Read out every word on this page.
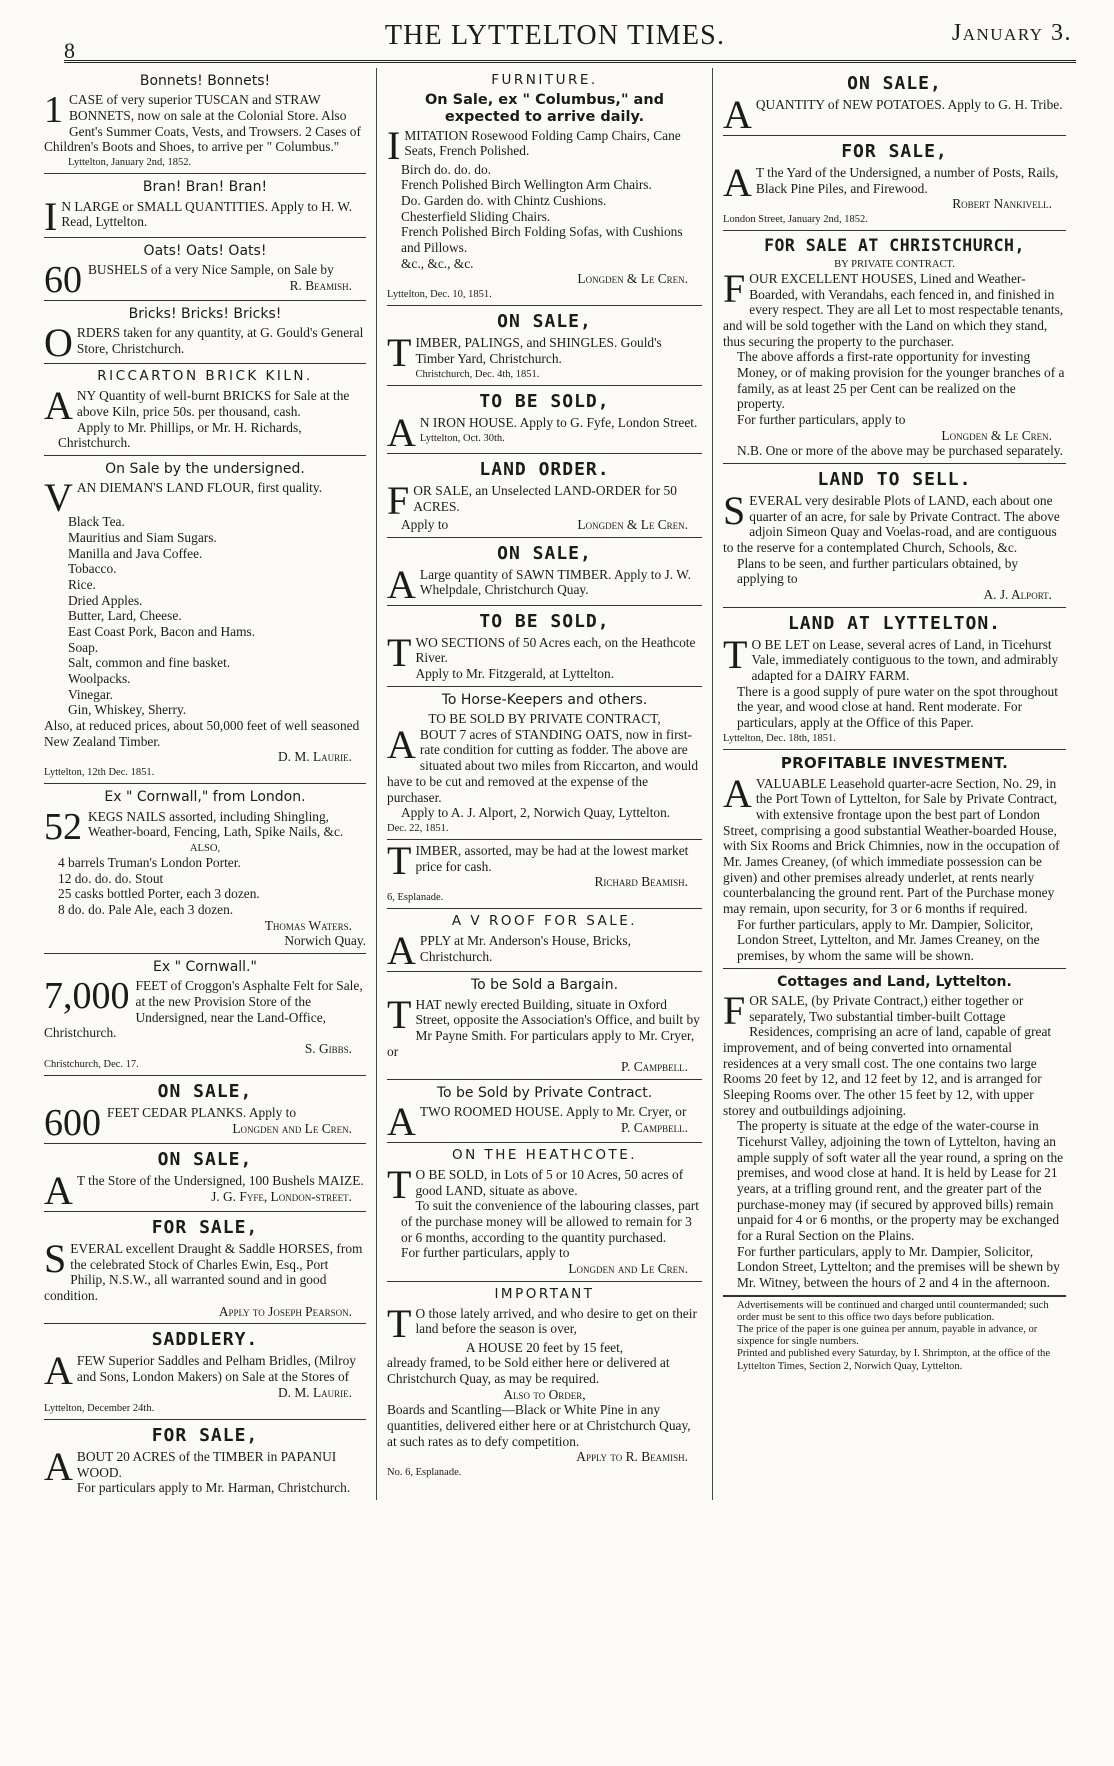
8	THE LYTTELTON TIMES.	January 3.
Bonnets! Bonnets!
1 CASE of very superior TUSCAN and STRAW BONNETS, now on sale at the Colonial Store. Also Gent's Summer Coats, Vests, and Trowsers. 2 Cases of Children's Boots and Shoes, to arrive per " Columbus."

Lyttelton, January 2nd, 1852.

Bran! Bran! Bran!
I N LARGE or SMALL QUANTITIES. Apply to H. W. Read, Lyttelton.

Oats! Oats! Oats!
60 BUSHELS of a very Nice Sample, on Sale by

R. Beamish.

Bricks! Bricks! Bricks!
O RDERS taken for any quantity, at G. Gould's General Store, Christchurch.

RICCARTON BRICK KILN.
A NY Quantity of well-burnt BRICKS for Sale at the above Kiln, price 50s. per thousand, cash.

Apply to Mr. Phillips, or Mr. H. Richards, Christchurch.

On Sale by the undersigned.
V AN DIEMAN'S LAND FLOUR, first quality.

Black Tea.

Mauritius and Siam Sugars.

Manilla and Java Coffee.

Tobacco.

Rice.

Dried Apples.

Butter, Lard, Cheese.

East Coast Pork, Bacon and Hams.

Soap.

Salt, common and fine basket.

Woolpacks.

Vinegar.

Gin, Whiskey, Sherry.

Also, at reduced prices, about 50,000 feet of well seasoned New Zealand Timber.

D. M. Laurie.

Lyttelton, 12th Dec. 1851.

Ex " Cornwall," from London.
52 KEGS NAILS assorted, including Shingling, Weather-board, Fencing, Lath, Spike Nails, &c.

ALSO,

4 barrels Truman's London Porter.

12 do. do. do. Stout

25 casks bottled Porter, each 3 dozen.

8 do. do. Pale Ale, each 3 dozen.

Thomas Waters.

Norwich Quay.

Ex " Cornwall."
7,000 FEET of Croggon's Asphalte Felt for Sale, at the new Provision Store of the Undersigned, near the Land-Office, Christchurch.

S. Gibbs.

Christchurch, Dec. 17.

ON SALE,
600 FEET CEDAR PLANKS. Apply to

Longden and Le Cren.

ON SALE,
A T the Store of the Undersigned, 100 Bushels MAIZE.

J. G. Fyfe, London-street.

FOR SALE,
S EVERAL excellent Draught & Saddle HORSES, from the celebrated Stock of Charles Ewin, Esq., Port Philip, N.S.W., all warranted sound and in good condition.

Apply to Joseph Pearson.

SADDLERY.
A FEW Superior Saddles and Pelham Bridles, (Milroy and Sons, London Makers) on Sale at the Stores of

D. M. Laurie.

Lyttelton, December 24th.

FOR SALE,
A BOUT 20 ACRES of the TIMBER in PAPANUI WOOD.

For particulars apply to Mr. Harman, Christchurch.

FURNITURE.
On Sale, ex " Columbus," and expected to arrive daily.
I MITATION Rosewood Folding Camp Chairs, Cane Seats, French Polished.

Birch do. do. do.

French Polished Birch Wellington Arm Chairs.

Do. Garden do. with Chintz Cushions.

Chesterfield Sliding Chairs.

French Polished Birch Folding Sofas, with Cushions and Pillows.

&c., &c., &c.

Longden & Le Cren.

Lyttelton, Dec. 10, 1851.

ON SALE,
T IMBER, PALINGS, and SHINGLES. Gould's Timber Yard, Christchurch.

Christchurch, Dec. 4th, 1851.

TO BE SOLD,
A N IRON HOUSE. Apply to G. Fyfe, London Street.

Lyttelton, Oct. 30th.

LAND ORDER.
F OR SALE, an Unselected LAND-ORDER for 50 ACRES.

Apply to	Longden & Le Cren.

ON SALE,
A Large quantity of SAWN TIMBER. Apply to J. W. Whelpdale, Christchurch Quay.

TO BE SOLD,
T WO SECTIONS of 50 Acres each, on the Heathcote River.

Apply to Mr. Fitzgerald, at Lyttelton.

To Horse-Keepers and others.

TO BE SOLD BY PRIVATE CONTRACT,

A BOUT 7 acres of STANDING OATS, now in first-rate condition for cutting as fodder. The above are situated about two miles from Riccarton, and would have to be cut and removed at the expense of the purchaser.

Apply to A. J. Alport, 2, Norwich Quay, Lyttelton.

Dec. 22, 1851.

T IMBER, assorted, may be had at the lowest market price for cash.

Richard Beamish.

6, Esplanade.

A V ROOF FOR SALE.
A PPLY at Mr. Anderson's House, Bricks, Christchurch.

To be Sold a Bargain.
T HAT newly erected Building, situate in Oxford Street, opposite the Association's Office, and built by Mr Payne Smith. For particulars apply to Mr. Cryer, or

P. Campbell.

To be Sold by Private Contract.
A TWO ROOMED HOUSE. Apply to Mr. Cryer, or

P. Campbell.

ON THE HEATHCOTE.
T O BE SOLD, in Lots of 5 or 10 Acres, 50 acres of good LAND, situate as above.

To suit the convenience of the labouring classes, part of the purchase money will be allowed to remain for 3 or 6 months, according to the quantity purchased.

For further particulars, apply to

Longden and Le Cren.

IMPORTANT
T O those lately arrived, and who desire to get on their land before the season is over,

A HOUSE 20 feet by 15 feet,

already framed, to be Sold either here or delivered at Christchurch Quay, as may be required.

Also to Order,

Boards and Scantling—Black or White Pine in any quantities, delivered either here or at Christchurch Quay, at such rates as to defy competition.

Apply to R. Beamish.

No. 6, Esplanade.

ON SALE,
A QUANTITY of NEW POTATOES. Apply to G. H. Tribe.

FOR SALE,
A T the Yard of the Undersigned, a number of Posts, Rails, Black Pine Piles, and Firewood.

Robert Nankivell.

London Street, January 2nd, 1852.

FOR SALE AT CHRISTCHURCH,

BY PRIVATE CONTRACT.

F OUR EXCELLENT HOUSES, Lined and Weather-Boarded, with Verandahs, each fenced in, and finished in every respect. They are all Let to most respectable tenants, and will be sold together with the Land on which they stand, thus securing the property to the purchaser.

The above affords a first-rate opportunity for investing Money, or of making provision for the younger branches of a family, as at least 25 per Cent can be realized on the property.

For further particulars, apply to

Longden & Le Cren.

N.B. One or more of the above may be purchased separately.

LAND TO SELL.
S EVERAL very desirable Plots of LAND, each about one quarter of an acre, for sale by Private Contract. The above adjoin Simeon Quay and Voelas-road, and are contiguous to the reserve for a contemplated Church, Schools, &c.

Plans to be seen, and further particulars obtained, by applying to

A. J. Alport.

LAND AT LYTTELTON.
T O BE LET on Lease, several acres of Land, in Ticehurst Vale, immediately contiguous to the town, and admirably adapted for a DAIRY FARM.

There is a good supply of pure water on the spot throughout the year, and wood close at hand. Rent moderate. For particulars, apply at the Office of this Paper.

Lyttelton, Dec. 18th, 1851.

PROFITABLE INVESTMENT.
A VALUABLE Leasehold quarter-acre Section, No. 29, in the Port Town of Lyttelton, for Sale by Private Contract, with extensive frontage upon the best part of London Street, comprising a good substantial Weather-boarded House, with Six Rooms and Brick Chimnies, now in the occupation of Mr. James Creaney, (of which immediate possession can be given) and other premises already underlet, at rents nearly counterbalancing the ground rent. Part of the Purchase money may remain, upon security, for 3 or 6 months if required.

For further particulars, apply to Mr. Dampier, Solicitor, London Street, Lyttelton, and Mr. James Creaney, on the premises, by whom the same will be shown.

Cottages and Land, Lyttelton.
F OR SALE, (by Private Contract,) either together or separately, Two substantial timber-built Cottage Residences, comprising an acre of land, capable of great improvement, and of being converted into ornamental residences at a very small cost. The one contains two large Rooms 20 feet by 12, and 12 feet by 12, and is arranged for Sleeping Rooms over. The other 15 feet by 12, with upper storey and outbuildings adjoining.

The property is situate at the edge of the water-course in Ticehurst Valley, adjoining the town of Lyttelton, having an ample supply of soft water all the year round, a spring on the premises, and wood close at hand. It is held by Lease for 21 years, at a trifling ground rent, and the greater part of the purchase-money may (if secured by approved bills) remain unpaid for 4 or 6 months, or the property may be exchanged for a Rural Section on the Plains.

For further particulars, apply to Mr. Dampier, Solicitor, London Street, Lyttelton; and the premises will be shewn by Mr. Witney, between the hours of 2 and 4 in the afternoon.

Advertisements will be continued and charged until countermanded; such order must be sent to this office two days before publication.

The price of the paper is one guinea per annum, payable in advance, or sixpence for single numbers.

Printed and published every Saturday, by I. Shrimpton, at the office of the Lyttelton Times, Section 2, Norwich Quay, Lyttelton.
